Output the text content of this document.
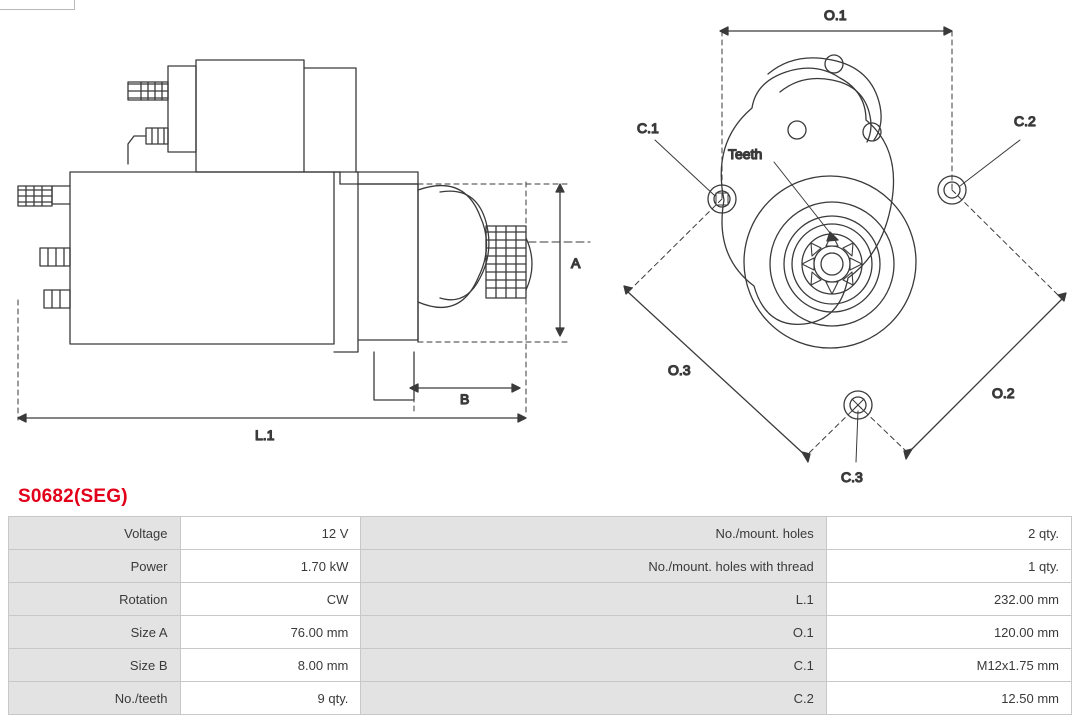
A
B
L.1
O.1
O.2
O.3
C.1	C.2
C.3
Teeth
S0682(SEG)
Voltage	12 V	No./mount. holes	2 qty.
Power	1.70 kW	No./mount. holes with thread	1 qty.
Rotation	CW	L.1	232.00 mm
Size A	76.00 mm	O.1	120.00 mm
Size B	8.00 mm	C.1	M12x1.75 mm
No./teeth	9 qty.	C.2	12.50 mm
